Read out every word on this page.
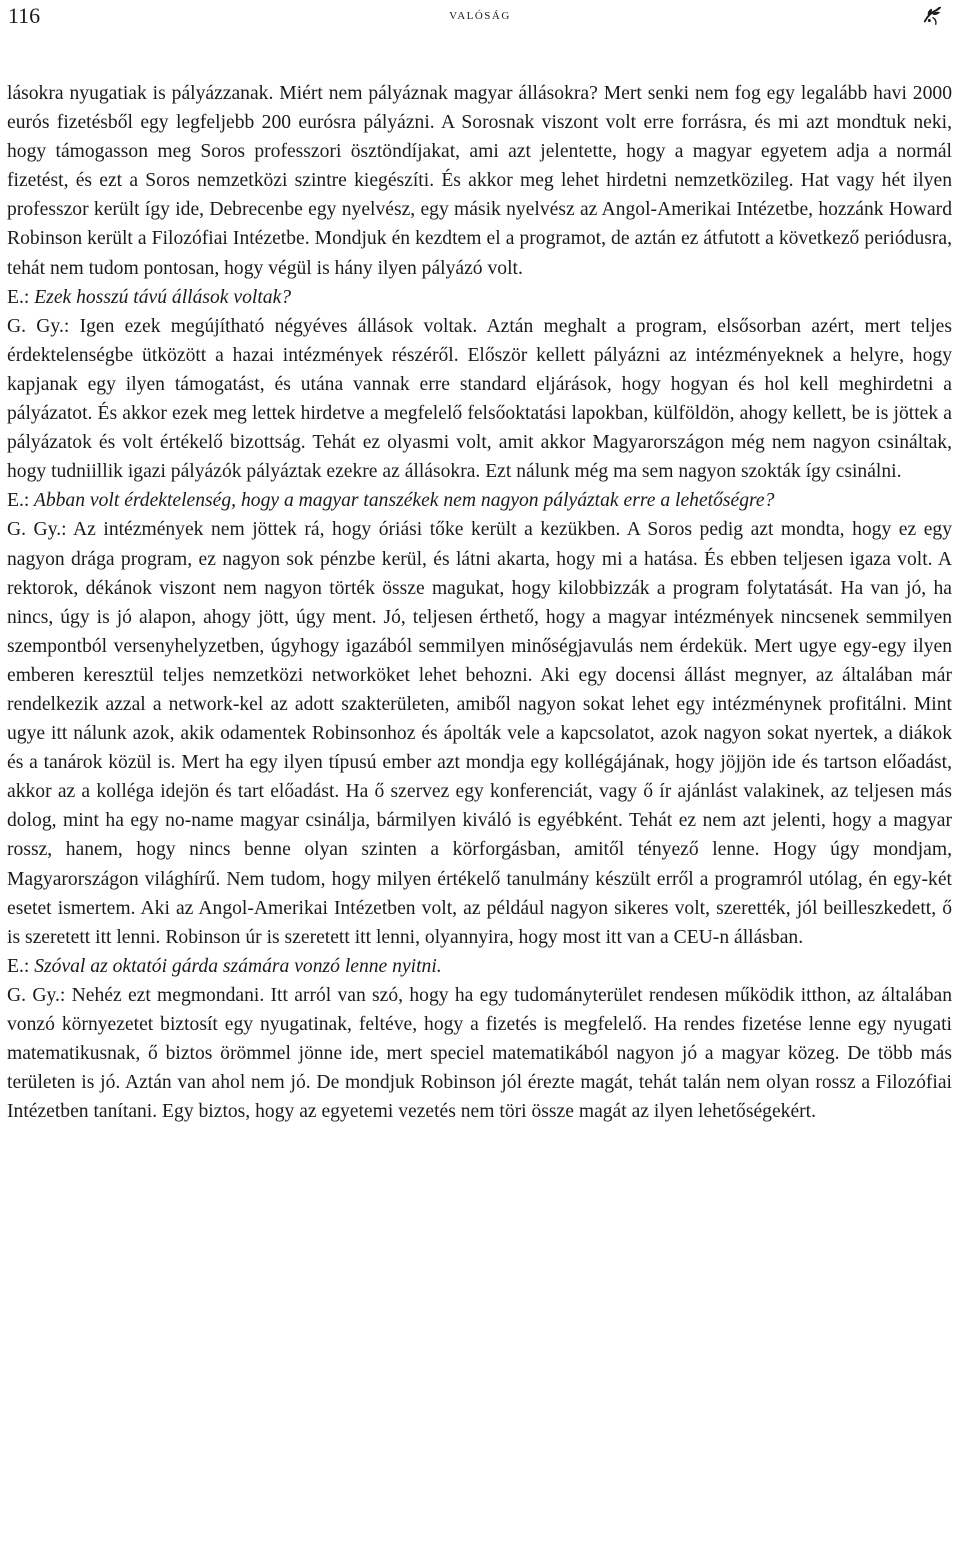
116	valóság

lásokra nyugatiak is pályázzanak. Miért nem pályáznak magyar állásokra? Mert senki nem fog egy legalább havi 2000 eurós fizetésből egy legfeljebb 200 eurósra pályázni. A Sorosnak viszont volt erre forrásra, és mi azt mondtuk neki, hogy támogasson meg Soros professzori ösztöndíjakat, ami azt jelentette, hogy a magyar egyetem adja a normál fizetést, és ezt a Soros nemzetközi szintre kiegészíti. És akkor meg lehet hirdetni nemzetközileg. Hat vagy hét ilyen professzor került így ide, Debrecenbe egy nyelvész, egy másik nyelvész az Angol-Amerikai Intézetbe, hozzánk Howard Robinson került a Filozófiai Intézetbe. Mondjuk én kezdtem el a programot, de aztán ez átfutott a következő periódusra, tehát nem tudom pontosan, hogy végül is hány ilyen pályázó volt.

E.: Ezek hosszú távú állások voltak?

G. Gy.: Igen ezek megújítható négyéves állások voltak. Aztán meghalt a program, elsősorban azért, mert teljes érdektelenségbe ütközött a hazai intézmények részéről. Először kellett pályázni az intézményeknek a helyre, hogy kapjanak egy ilyen támogatást, és utána vannak erre standard eljárások, hogy hogyan és hol kell meghirdetni a pályázatot. És akkor ezek meg lettek hirdetve a megfelelő felsőoktatási lapokban, külföldön, ahogy kellett, be is jöttek a pályázatok és volt értékelő bizottság. Tehát ez olyasmi volt, amit akkor Magyarországon még nem nagyon csináltak, hogy tudniillik igazi pályázók pályáztak ezekre az állásokra. Ezt nálunk még ma sem nagyon szokták így csinálni.

E.: Abban volt érdektelenség, hogy a magyar tanszékek nem nagyon pályáztak erre a lehetőségre?

G. Gy.: Az intézmények nem jöttek rá, hogy óriási tőke került a kezükben. A Soros pedig azt mondta, hogy ez egy nagyon drága program, ez nagyon sok pénzbe kerül, és látni akarta, hogy mi a hatása. És ebben teljesen igaza volt. A rektorok, dékánok viszont nem nagyon törték össze magukat, hogy kilobbizzák a program folytatását. Ha van jó, ha nincs, úgy is jó alapon, ahogy jött, úgy ment. Jó, teljesen érthető, hogy a magyar intézmények nincsenek semmilyen szempontból versenyhelyzetben, úgyhogy igazából semmilyen minőségjavulás nem érdekük. Mert ugye egy-egy ilyen emberen keresztül teljes nemzetközi networköket lehet behozni. Aki egy docensi állást megnyer, az általában már rendelkezik azzal a network-kel az adott szakterületen, amiből nagyon sokat lehet egy intézménynek profitálni. Mint ugye itt nálunk azok, akik odamentek Robinsonhoz és ápolták vele a kapcsolatot, azok nagyon sokat nyertek, a diákok és a tanárok közül is. Mert ha egy ilyen típusú ember azt mondja egy kollégájának, hogy jöjjön ide és tartson előadást, akkor az a kolléga idejön és tart előadást. Ha ő szervez egy konferenciát, vagy ő ír ajánlást valakinek, az teljesen más dolog, mint ha egy no-name magyar csinálja, bármilyen kiváló is egyébként. Tehát ez nem azt jelenti, hogy a magyar rossz, hanem, hogy nincs benne olyan szinten a körforgásban, amitől tényező lenne. Hogy úgy mondjam, Magyarországon világhírű. Nem tudom, hogy milyen értékelő tanulmány készült erről a programról utólag, én egy-két esetet ismertem. Aki az Angol-Amerikai Intézetben volt, az például nagyon sikeres volt, szerették, jól beilleszkedett, ő is szeretett itt lenni. Robinson úr is szeretett itt lenni, olyannyira, hogy most itt van a CEU-n állásban.

E.: Szóval az oktatói gárda számára vonzó lenne nyitni.

G. Gy.: Nehéz ezt megmondani. Itt arról van szó, hogy ha egy tudományterület rendesen működik itthon, az általában vonzó környezetet biztosít egy nyugatinak, feltéve, hogy a fizetés is megfelelő. Ha rendes fizetése lenne egy nyugati matematikusnak, ő biztos örömmel jönne ide, mert speciel matematikából nagyon jó a magyar közeg. De több más területen is jó. Aztán van ahol nem jó. De mondjuk Robinson jól érezte magát, tehát talán nem olyan rossz a Filozófiai Intézetben tanítani. Egy biztos, hogy az egyetemi vezetés nem töri össze magát az ilyen lehetőségekért.
